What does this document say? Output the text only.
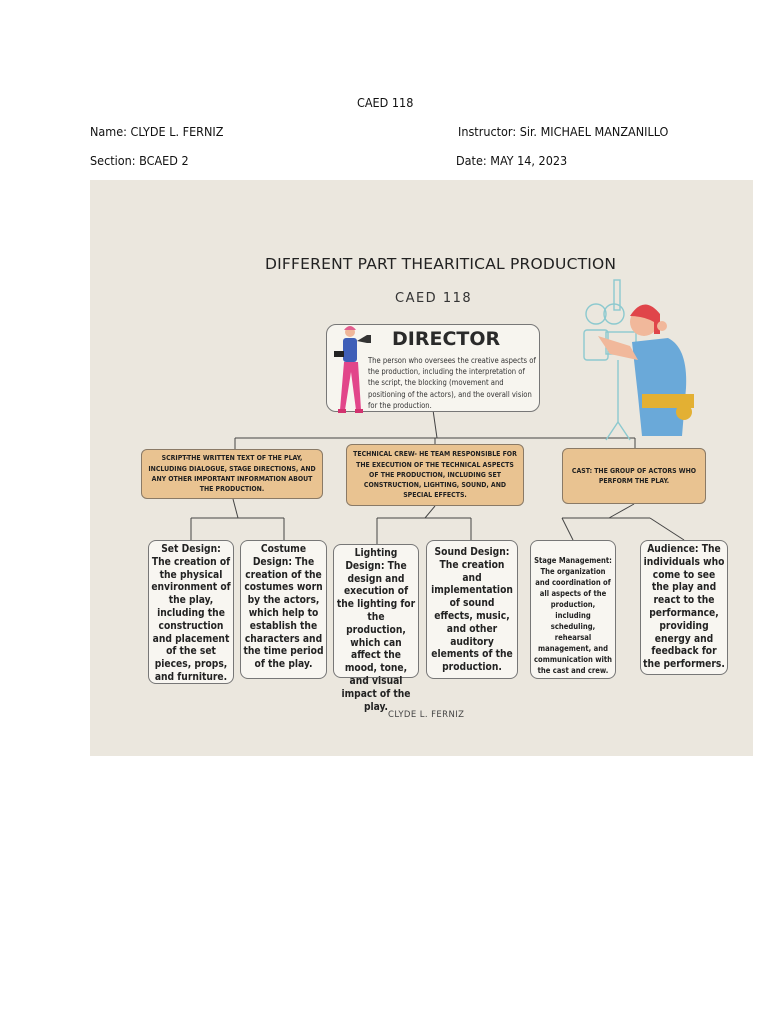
CAED 118
Name: CLYDE L. FERNIZ	Instructor: Sir. MICHAEL MANZANILLO
Section: BCAED 2	Date: MAY 14, 2023
DIFFERENT PART THEARITICAL PRODUCTION
CAED 118
DIRECTOR
The person who oversees the creative aspects of the production, including the interpretation of the script, the blocking (movement and positioning of the actors), and the overall vision for the production.
SCRIPT-THE WRITTEN TEXT OF THE PLAY, INCLUDING DIALOGUE, STAGE DIRECTIONS, AND ANY OTHER IMPORTANT INFORMATION ABOUT THE PRODUCTION.
TECHNICAL CREW- HE TEAM RESPONSIBLE FOR THE EXECUTION OF THE TECHNICAL ASPECTS OF THE PRODUCTION, INCLUDING SET CONSTRUCTION, LIGHTING, SOUND, AND SPECIAL EFFECTS.
CAST: THE GROUP OF ACTORS WHO PERFORM THE PLAY.
Set Design: The creation of the physical environment of the play, including the construction and placement of the set pieces, props, and furniture.
Costume Design: The creation of the costumes worn by the actors, which help to establish the characters and the time period of the play.
Lighting Design: The design and execution of the lighting for the production, which can affect the mood, tone, and visual impact of the play.
Sound Design: The creation and implementation of sound effects, music, and other auditory elements of the production.
Stage Management: The organization and coordination of all aspects of the production, including scheduling, rehearsal management, and communication with the cast and crew.
Audience: The individuals who come to see the play and react to the performance, providing energy and feedback for the performers.
CLYDE L. FERNIZ
